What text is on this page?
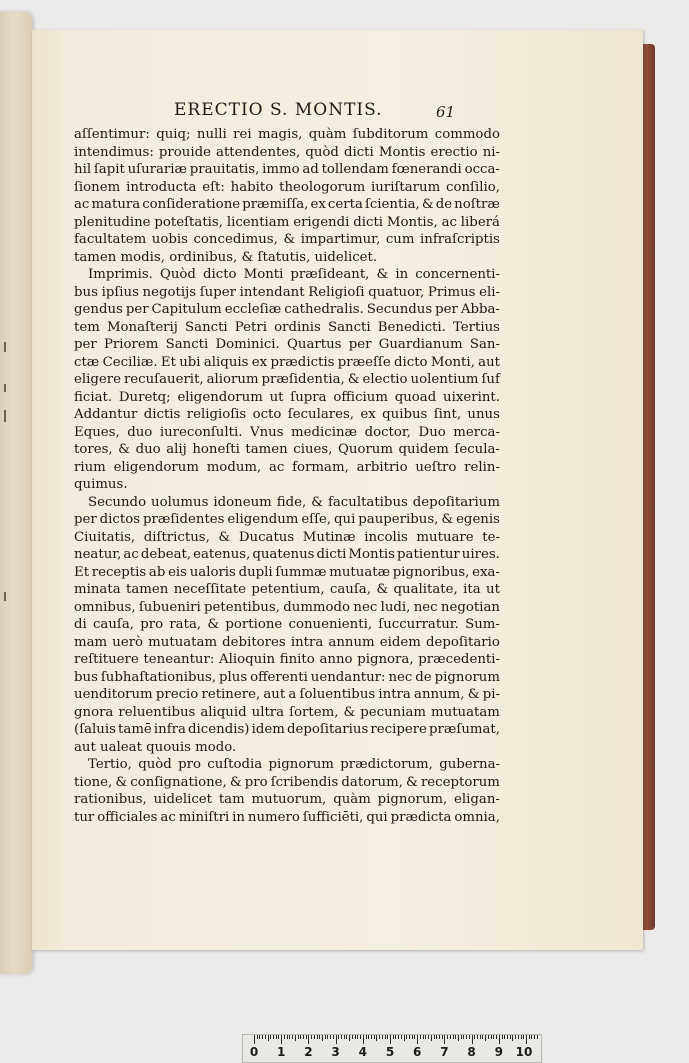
ERECTIO S. MONTIS.	61
aſſentimur: quiq; nulli rei magis, quàm ſubditorum commodo
intendimus: prouide attendentes, quòd dicti Montis erectio ni-
hil ſapit uſurariæ prauitatis, immo ad tollendam fœnerandi occa-
ſionem introducta eſt: habito theologorum iuriſtarum conſilio,
ac matura conſideratione præmiſſa, ex certa ſcientia, & de noſtræ
plenitudine poteſtatis, licentiam erigendi dicti Montis, ac liberá
facultatem uobis concedimus, & impartimur, cum infraſcriptis
tamen modis, ordinibus, & ſtatutis, uidelicet.
Imprimis. Quòd dicto Monti præſideant, & in concernenti-
bus ipſius negotijs ſuper intendant Religioſi quatuor, Primus eli-
gendus per Capitulum eccleſiæ cathedralis. Secundus per Abba-
tem Monaſterij Sancti Petri ordinis Sancti Benedicti. Tertius
per Priorem Sancti Dominici. Quartus per Guardianum San-
ctæ Ceciliæ. Et ubi aliquis ex prædictis præeſſe dicto Monti, aut
eligere recuſauerit, aliorum præſidentia, & electio uolentium ſuf
ficiat. Duretq; eligendorum ut ſupra officium quoad uixerint.
Addantur dictis religioſis octo ſeculares, ex quibus ſint, unus
Eques, duo iureconſulti. Vnus medicinæ doctor, Duo merca-
tores, & duo alij honeſti tamen ciues, Quorum quidem ſecula-
rium eligendorum modum, ac formam, arbitrio ueſtro relin-
quimus.
Secundo uolumus idoneum fide, & facultatibus depoſitarium
per dictos præſidentes eligendum eſſe, qui pauperibus, & egenis
Ciuitatis, diſtrictus, & Ducatus Mutinæ incolis mutuare te-
neatur, ac debeat, eatenus, quatenus dicti Montis patientur uires.
Et receptis ab eis ualoris dupli ſummæ mutuatæ pignoribus, exa-
minata tamen neceſſitate petentium, cauſa, & qualitate, ita ut
omnibus, ſubueniri petentibus, dummodo nec ludi, nec negotian
di cauſa, pro rata, & portione conuenienti, ſuccurratur. Sum-
mam uerò mutuatam debitores intra annum eidem depoſitario
reſtituere teneantur: Alioquin finito anno pignora, præcedenti-
bus ſubhaſtationibus, plus offerenti uendantur: nec de pignorum
uenditorum precio retinere, aut a ſoluentibus intra annum, & pi-
gnora reluentibus aliquid ultra ſortem, & pecuniam mutuatam
(ſaluis tamē infra dicendis) idem depoſitarius recipere præſumat,
aut ualeat quouis modo.
Tertio, quòd pro cuſtodia pignorum prædictorum, guberna-
tione, & conſignatione, & pro ſcribendis datorum, & receptorum
rationibus, uidelicet tam mutuorum, quàm pignorum, eligan-
tur officiales ac miniſtri in numero ſufficiēti, qui prædicta omnia,
0 1 2 3 4 5 6 7 8 9 10
